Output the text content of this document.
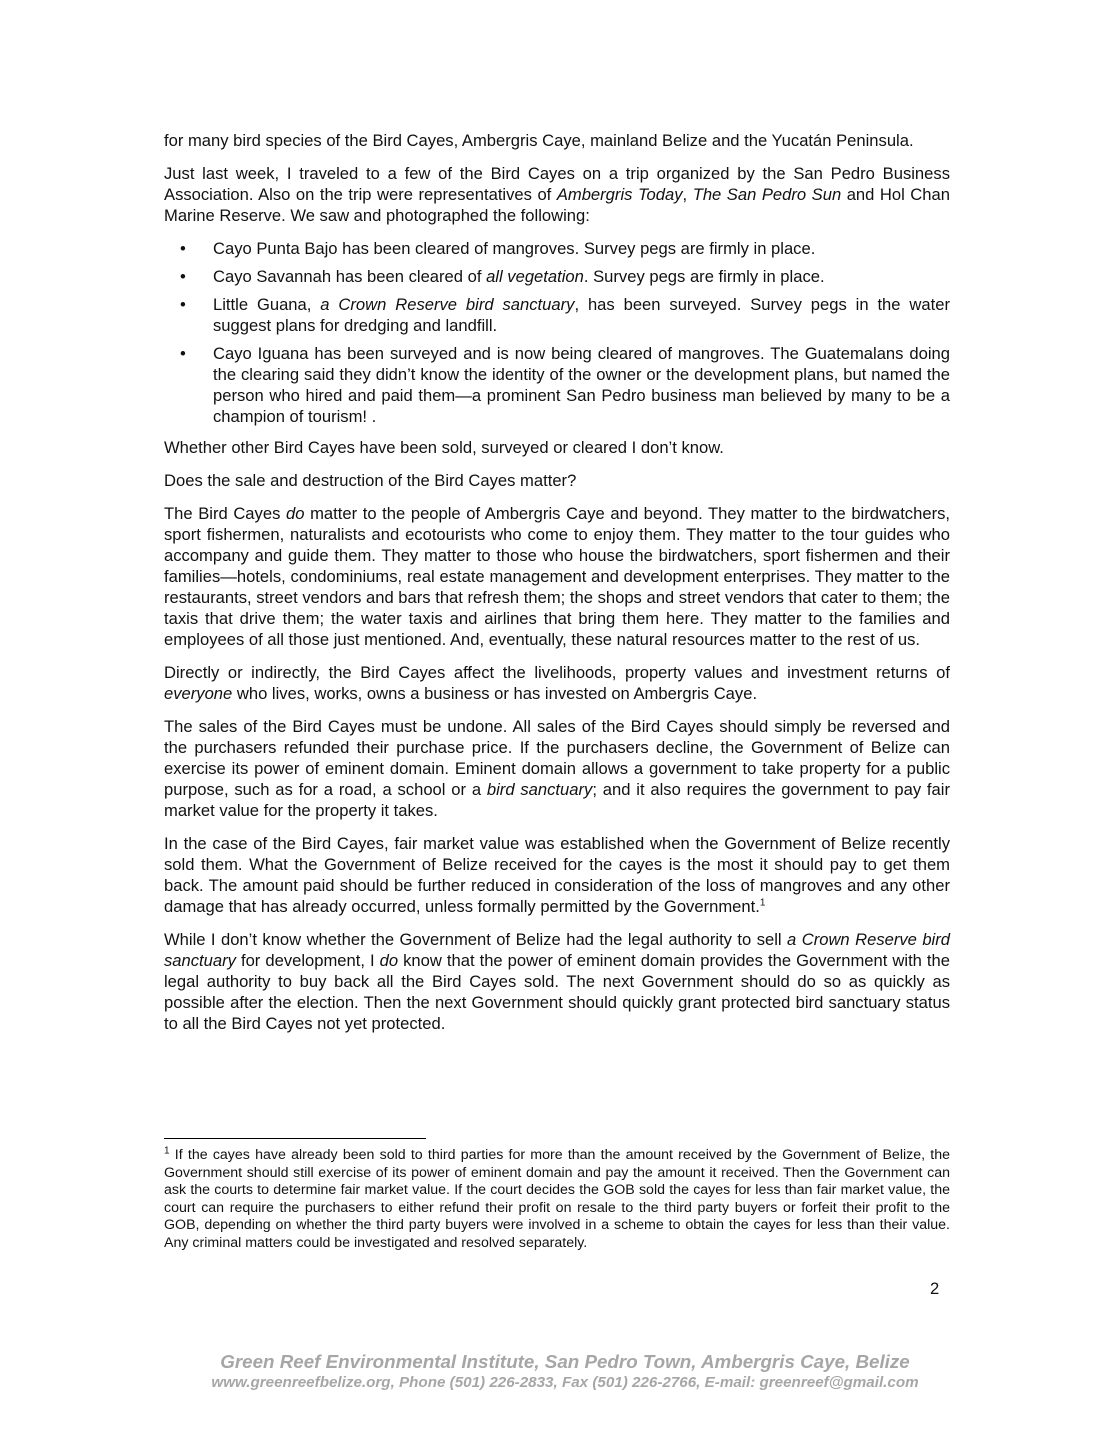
for many bird species of the Bird Cayes, Ambergris Caye, mainland Belize and the Yucatán Peninsula.

Just last week, I traveled to a few of the Bird Cayes on a trip organized by the San Pedro Business Association. Also on the trip were representatives of Ambergris Today, The San Pedro Sun and Hol Chan Marine Reserve. We saw and photographed the following:

• Cayo Punta Bajo has been cleared of mangroves. Survey pegs are firmly in place.
• Cayo Savannah has been cleared of all vegetation. Survey pegs are firmly in place.
• Little Guana, a Crown Reserve bird sanctuary, has been surveyed. Survey pegs in the water suggest plans for dredging and landfill.
• Cayo Iguana has been surveyed and is now being cleared of mangroves. The Guatemalans doing the clearing said they didn’t know the identity of the owner or the development plans, but named the person who hired and paid them—a prominent San Pedro business man believed by many to be a champion of tourism! .

Whether other Bird Cayes have been sold, surveyed or cleared I don’t know.

Does the sale and destruction of the Bird Cayes matter?

The Bird Cayes do matter to the people of Ambergris Caye and beyond. They matter to the birdwatchers, sport fishermen, naturalists and ecotourists who come to enjoy them. They matter to the tour guides who accompany and guide them. They matter to those who house the birdwatchers, sport fishermen and their families—hotels, condominiums, real estate management and development enterprises. They matter to the restaurants, street vendors and bars that refresh them; the shops and street vendors that cater to them; the taxis that drive them; the water taxis and airlines that bring them here. They matter to the families and employees of all those just mentioned. And, eventually, these natural resources matter to the rest of us.

Directly or indirectly, the Bird Cayes affect the livelihoods, property values and investment returns of everyone who lives, works, owns a business or has invested on Ambergris Caye.

The sales of the Bird Cayes must be undone. All sales of the Bird Cayes should simply be reversed and the purchasers refunded their purchase price. If the purchasers decline, the Government of Belize can exercise its power of eminent domain. Eminent domain allows a government to take property for a public purpose, such as for a road, a school or a bird sanctuary; and it also requires the government to pay fair market value for the property it takes.

In the case of the Bird Cayes, fair market value was established when the Government of Belize recently sold them. What the Government of Belize received for the cayes is the most it should pay to get them back. The amount paid should be further reduced in consideration of the loss of mangroves and any other damage that has already occurred, unless formally permitted by the Government.$^1$

While I don’t know whether the Government of Belize had the legal authority to sell a Crown Reserve bird sanctuary for development, I do know that the power of eminent domain provides the Government with the legal authority to buy back all the Bird Cayes sold. The next Government should do so as quickly as possible after the election. Then the next Government should quickly grant protected bird sanctuary status to all the Bird Cayes not yet protected.

$^1$ If the cayes have already been sold to third parties for more than the amount received by the Government of Belize, the Government should still exercise of its power of eminent domain and pay the amount it received. Then the Government can ask the courts to determine fair market value. If the court decides the GOB sold the cayes for less than fair market value, the court can require the purchasers to either refund their profit on resale to the third party buyers or forfeit their profit to the GOB, depending on whether the third party buyers were involved in a scheme to obtain the cayes for less than their value. Any criminal matters could be investigated and resolved separately.
2
Green Reef Environmental Institute, San Pedro Town, Ambergris Caye, Belize
www.greenreefbelize.org, Phone (501) 226-2833, Fax (501) 226-2766, E-mail: greenreef@gmail.com
